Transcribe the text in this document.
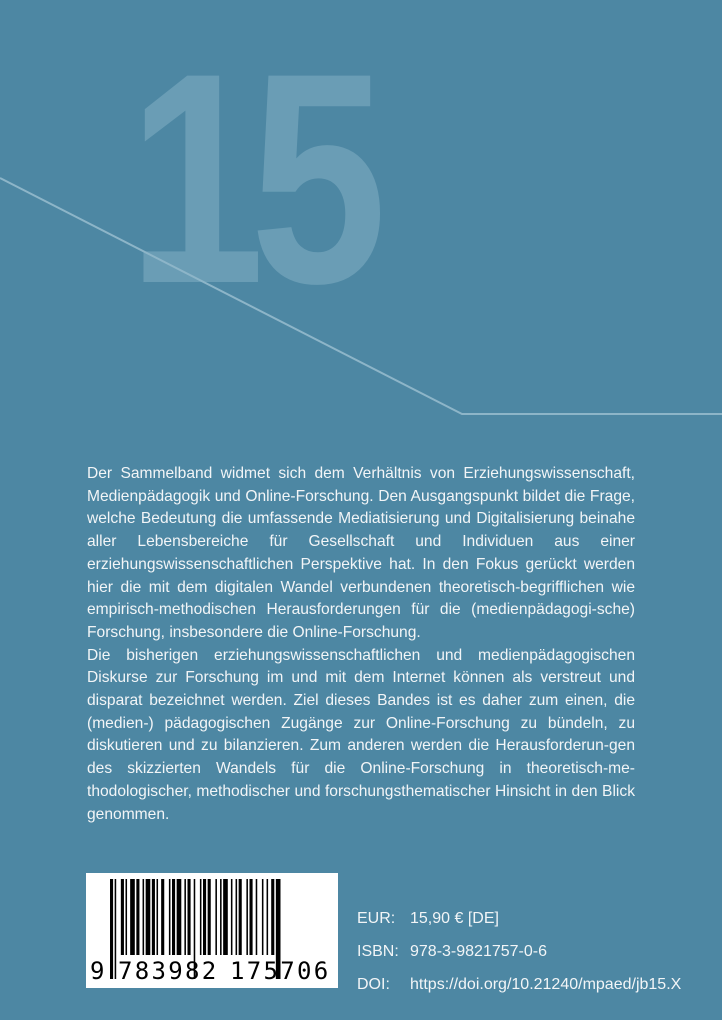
15

Der Sammelband widmet sich dem Verhältnis von Erziehungswissenschaft, Medienpädagogik und Online-Forschung. Den Ausgangspunkt bildet die Frage, welche Bedeutung die umfassende Mediatisierung und Digitalisierung beinahe aller Lebensbereiche für Gesellschaft und Individuen aus einer erziehungswissenschaftlichen Perspektive hat. In den Fokus gerückt werden hier die mit dem digitalen Wandel verbundenen theoretisch-begrifflichen wie empirisch-methodischen Herausforderungen für die (medienpädagogi-sche) Forschung, insbesondere die Online-Forschung.

Die bisherigen erziehungswissenschaftlichen und medienpädagogischen Diskurse zur Forschung im und mit dem Internet können als verstreut und disparat bezeichnet werden. Ziel dieses Bandes ist es daher zum einen, die (medien-) pädagogischen Zugänge zur Online-Forschung zu bündeln, zu diskutieren und zu bilanzieren. Zum anderen werden die Herausforderun-gen des skizzierten Wandels für die Online-Forschung in theoretisch-me-thodologischer, methodischer und forschungsthematischer Hinsicht in den Blick genommen.

9 783982 175706
EUR: 15,90 € [DE]
ISBN: 978-3-9821757-0-6
DOI:	https://doi.org/10.21240/mpaed/jb15.X
